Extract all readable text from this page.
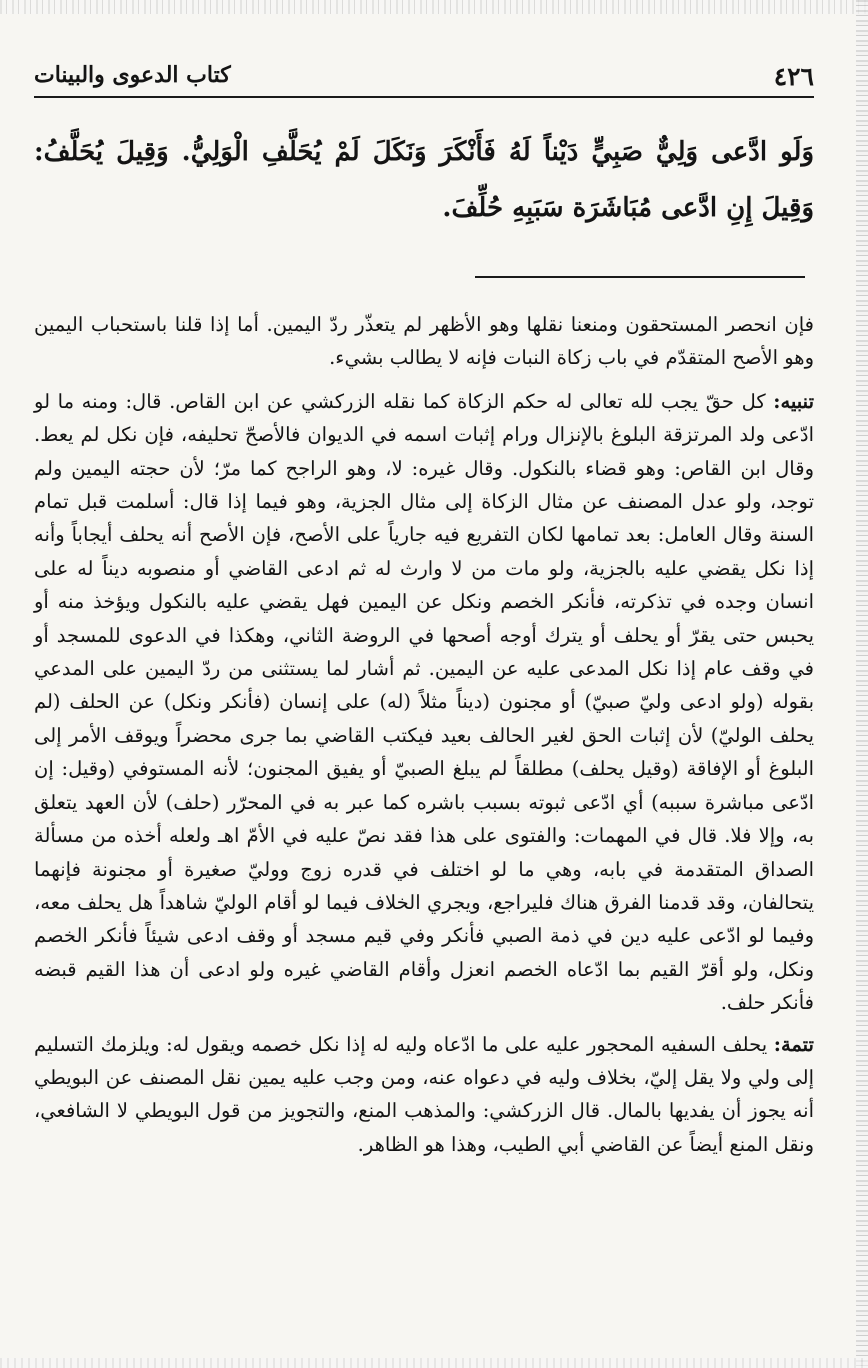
٤٢٦
كتاب الدعوى والبينات
وَلَو ادَّعى وَلِيٌّ صَبِيٍّ دَيْناً لَهُ فَأَنْكَرَ وَنَكَلَ لَمْ يُحَلَّفِ الْوَلِيُّ. وَقِيلَ يُحَلَّفُ: وَقِيلَ إِنِ ادَّعى مُبَاشَرَة سَبَبِهِ حُلِّفَ.

فإن انحصر المستحقون ومنعنا نقلها وهو الأظهر لم يتعذّر ردّ اليمين. أما إذا قلنا باستحباب اليمين وهو الأصح المتقدّم في باب زكاة النبات فإنه لا يطالب بشيء.

تنبيه: كل حقّ يجب لله تعالى له حكم الزكاة كما نقله الزركشي عن ابن القاص. قال: ومنه ما لو ادّعى ولد المرتزقة البلوغ بالإنزال ورام إثبات اسمه في الديوان فالأصحّ تحليفه، فإن نكل لم يعط. وقال ابن القاص: وهو قضاء بالنكول. وقال غيره: لا، وهو الراجح كما مرّ؛ لأن حجته اليمين ولم توجد، ولو عدل المصنف عن مثال الزكاة إلى مثال الجزية، وهو فيما إذا قال: أسلمت قبل تمام السنة وقال العامل: بعد تمامها لكان التفريع فيه جارياً على الأصح، فإن الأصح أنه يحلف أيجاباً وأنه إذا نكل يقضي عليه بالجزية، ولو مات من لا وارث له ثم ادعى القاضي أو منصوبه ديناً له على انسان وجده في تذكرته، فأنكر الخصم ونكل عن اليمين فهل يقضي عليه بالنكول ويؤخذ منه أو يحبس حتى يقرّ أو يحلف أو يترك أوجه أصحها في الروضة الثاني، وهكذا في الدعوى للمسجد أو في وقف عام إذا نكل المدعى عليه عن اليمين. ثم أشار لما يستثنى من ردّ اليمين على المدعي بقوله (ولو ادعى وليّ صبيّ) أو مجنون (ديناً مثلاً (له) على إنسان (فأنكر ونكل) عن الحلف (لم يحلف الوليّ) لأن إثبات الحق لغير الحالف بعيد فيكتب القاضي بما جرى محضراً ويوقف الأمر إلى البلوغ أو الإفاقة (وقيل يحلف) مطلقاً لم يبلغ الصبيّ أو يفيق المجنون؛ لأنه المستوفي (وقيل: إن ادّعى مباشرة سببه) أي ادّعى ثبوته بسبب باشره كما عبر به في المحرّر (حلف) لأن العهد يتعلق به، وإلا فلا. قال في المهمات: والفتوى على هذا فقد نصّ عليه في الأمّ اهـ ولعله أخذه من مسألة الصداق المتقدمة في بابه، وهي ما لو اختلف في قدره زوج ووليّ صغيرة أو مجنونة فإنهما يتحالفان، وقد قدمنا الفرق هناك فليراجع، ويجري الخلاف فيما لو أقام الوليّ شاهداً هل يحلف معه، وفيما لو ادّعى عليه دين في ذمة الصبي فأنكر وفي قيم مسجد أو وقف ادعى شيئاً فأنكر الخصم ونكل، ولو أقرّ القيم بما ادّعاه الخصم انعزل وأقام القاضي غيره ولو ادعى أن هذا القيم قبضه فأنكر حلف.

تتمة: يحلف السفيه المحجور عليه على ما ادّعاه وليه له إذا نكل خصمه ويقول له: ويلزمك التسليم إلى ولي ولا يقل إليّ، بخلاف وليه في دعواه عنه، ومن وجب عليه يمين نقل المصنف عن البويطي أنه يجوز أن يفديها بالمال. قال الزركشي: والمذهب المنع، والتجويز من قول البويطي لا الشافعي، ونقل المنع أيضاً عن القاضي أبي الطيب، وهذا هو الظاهر.
